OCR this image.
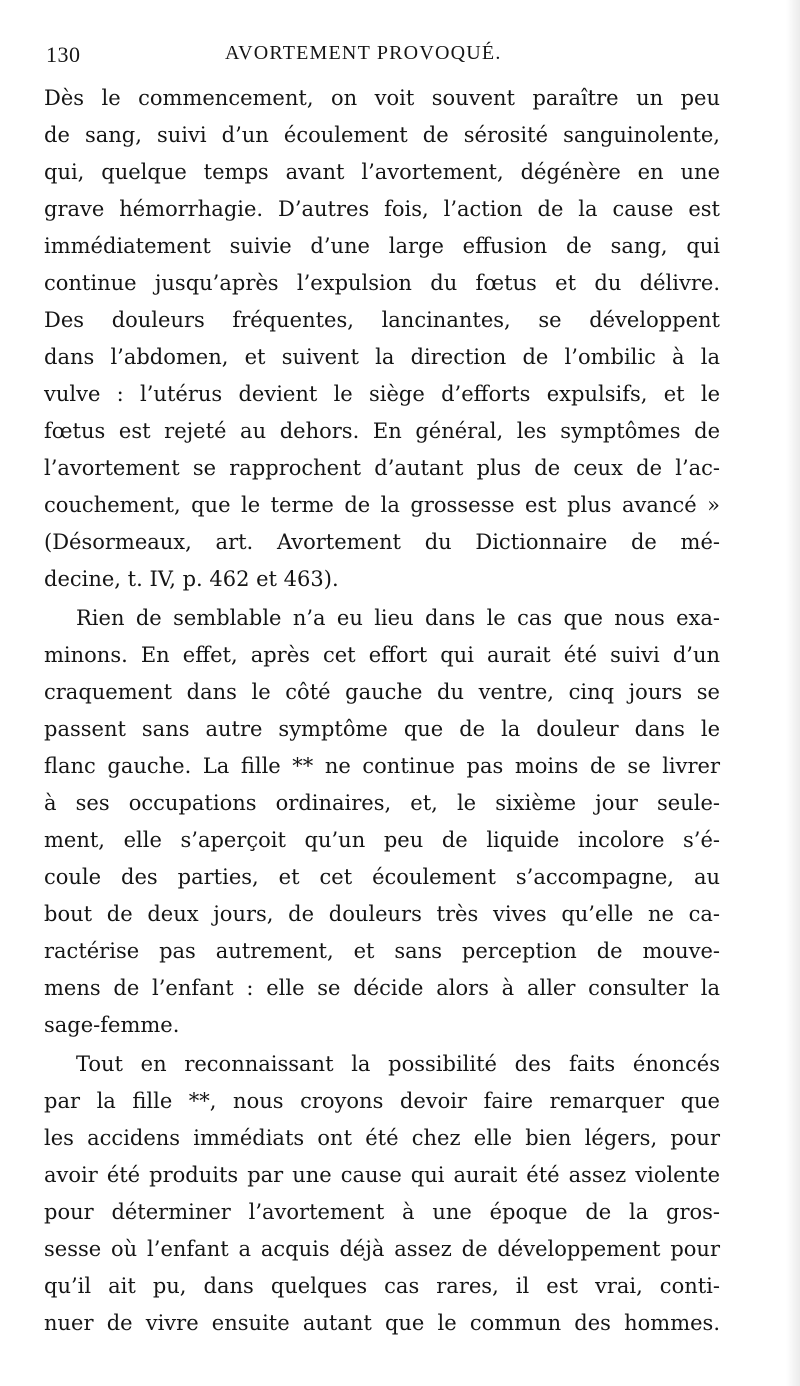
130	AVORTEMENT PROVOQUÉ.
Dès le commencement, on voit souvent paraître un peu
de sang, suivi d’un écoulement de sérosité sanguinolente,
qui, quelque temps avant l’avortement, dégénère en une
grave hémorrhagie. D’autres fois, l’action de la cause est
immédiatement suivie d’une large effusion de sang, qui
continue jusqu’après l’expulsion du fœtus et du délivre.
Des douleurs fréquentes, lancinantes, se développent
dans l’abdomen, et suivent la direction de l’ombilic à la
vulve : l’utérus devient le siège d’efforts expulsifs, et le
fœtus est rejeté au dehors. En général, les symptômes de
l’avortement se rapprochent d’autant plus de ceux de l’ac-
couchement, que le terme de la grossesse est plus avancé »
(Désormeaux, art. Avortement du Dictionnaire de mé-
decine, t. IV, p. 462 et 463).
Rien de semblable n’a eu lieu dans le cas que nous exa-
minons. En effet, après cet effort qui aurait été suivi d’un
craquement dans le côté gauche du ventre, cinq jours se
passent sans autre symptôme que de la douleur dans le
flanc gauche. La fille ** ne continue pas moins de se livrer
à ses occupations ordinaires, et, le sixième jour seule-
ment, elle s’aperçoit qu’un peu de liquide incolore s’é-
coule des parties, et cet écoulement s’accompagne, au
bout de deux jours, de douleurs très vives qu’elle ne ca-
ractérise pas autrement, et sans perception de mouve-
mens de l’enfant : elle se décide alors à aller consulter la
sage-femme.
Tout en reconnaissant la possibilité des faits énoncés
par la fille **, nous croyons devoir faire remarquer que
les accidens immédiats ont été chez elle bien légers, pour
avoir été produits par une cause qui aurait été assez violente
pour déterminer l’avortement à une époque de la gros-
sesse où l’enfant a acquis déjà assez de développement pour
qu’il ait pu, dans quelques cas rares, il est vrai, conti-
nuer de vivre ensuite autant que le commun des hommes.
